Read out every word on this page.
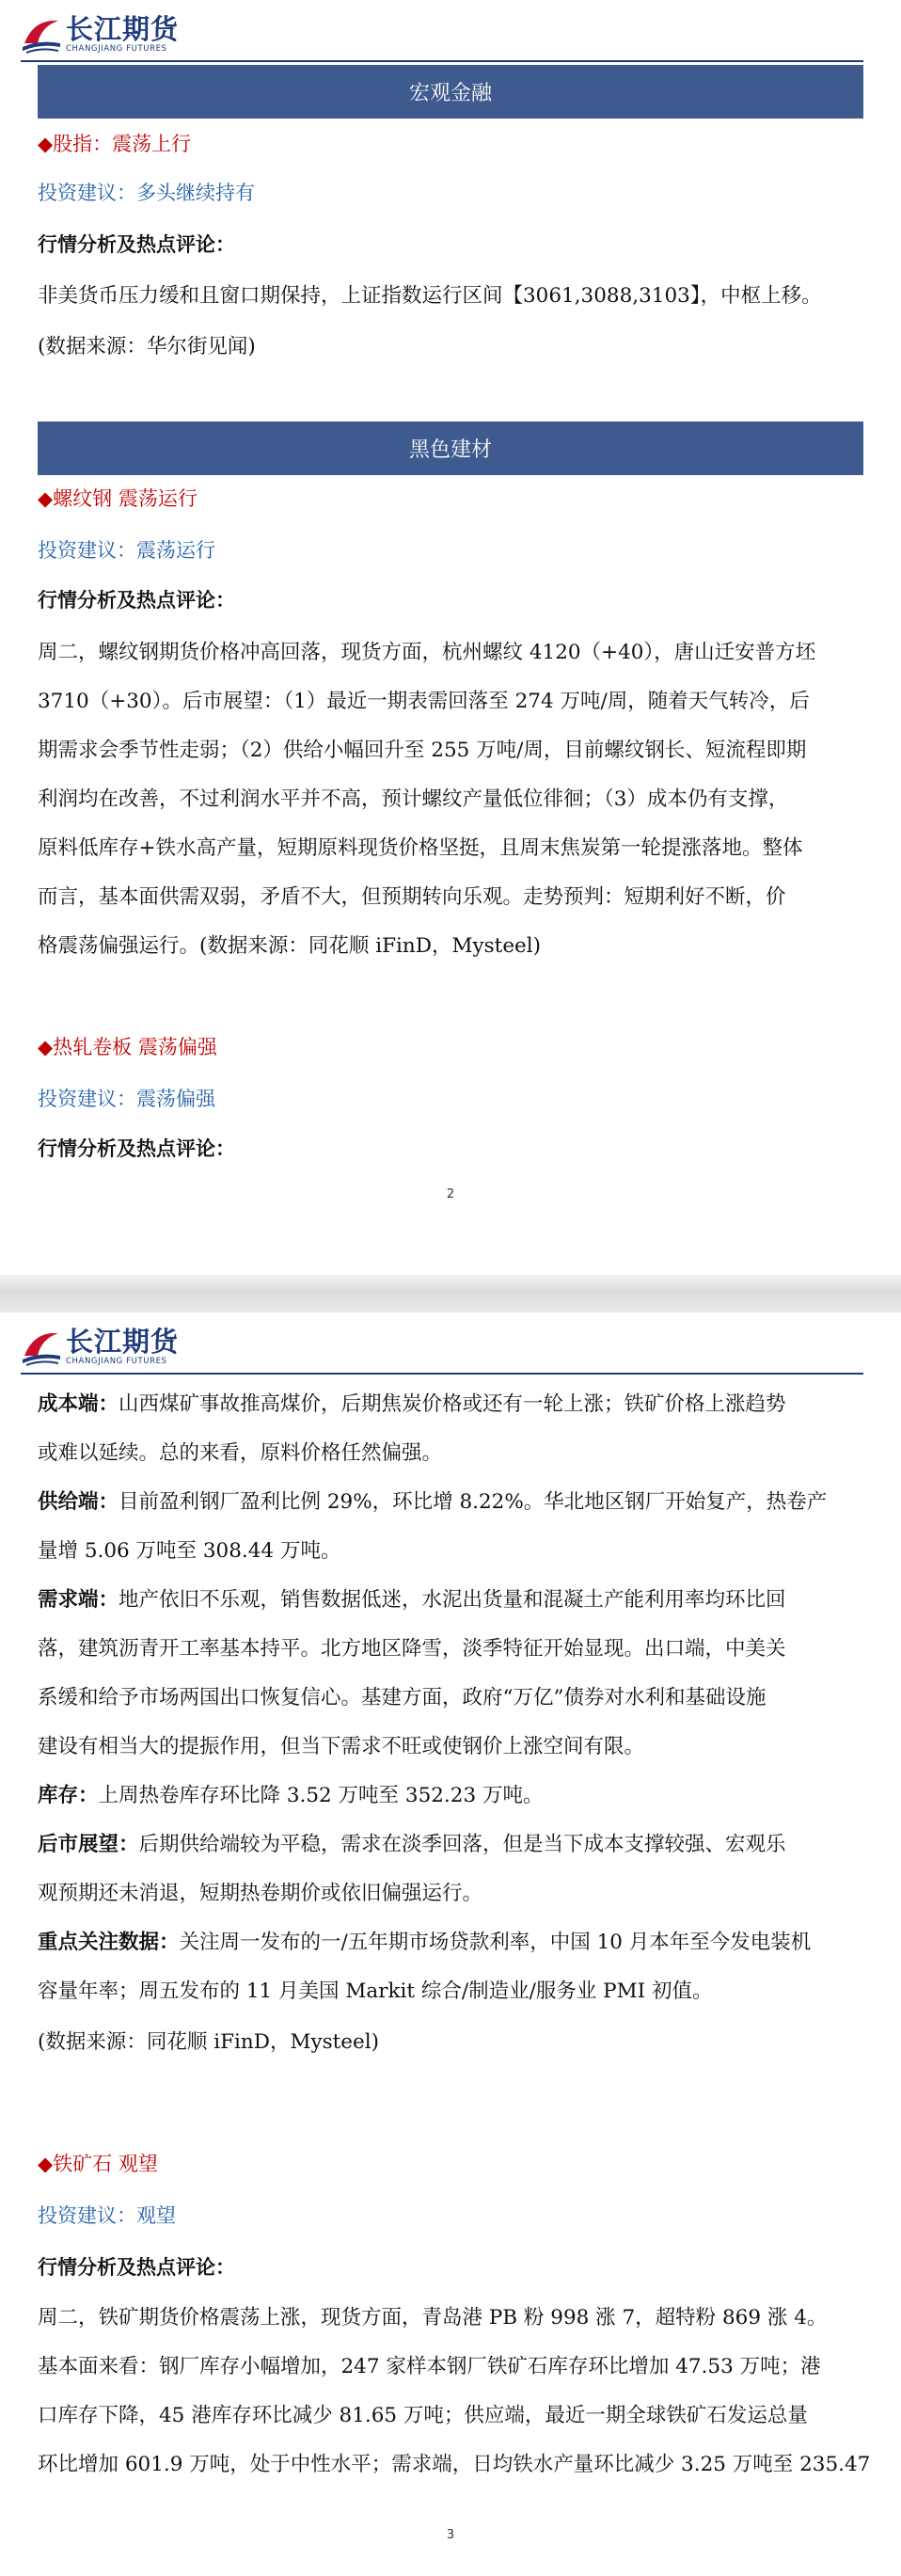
长江期货
CHANGJIANG FUTURES
宏观金融
◆股指：震荡上行
投资建议：多头继续持有
行情分析及热点评论：
非美货币压力缓和且窗口期保持，上证指数运行区间【3061,3088,3103】，中枢上移。
(数据来源：华尔街见闻)
黑色建材
◆螺纹钢 震荡运行
投资建议：震荡运行
行情分析及热点评论：
周二，螺纹钢期货价格冲高回落，现货方面，杭州螺纹 4120（+40），唐山迁安普方坯
3710（+30）。后市展望：（1）最近一期表需回落至 274 万吨/周，随着天气转冷，后
期需求会季节性走弱；（2）供给小幅回升至 255 万吨/周，目前螺纹钢长、短流程即期
利润均在改善，不过利润水平并不高，预计螺纹产量低位徘徊；（3）成本仍有支撑，
原料低库存+铁水高产量，短期原料现货价格坚挺，且周末焦炭第一轮提涨落地。整体
而言，基本面供需双弱，矛盾不大，但预期转向乐观。走势预判：短期利好不断，价
格震荡偏强运行。(数据来源：同花顺 iFinD，Mysteel)
◆热轧卷板 震荡偏强
投资建议：震荡偏强
行情分析及热点评论：
2
长江期货
CHANGJIANG FUTURES
成本端：山西煤矿事故推高煤价，后期焦炭价格或还有一轮上涨；铁矿价格上涨趋势
或难以延续。总的来看，原料价格任然偏强。
供给端：目前盈利钢厂盈利比例 29%，环比增 8.22%。华北地区钢厂开始复产，热卷产
量增 5.06 万吨至 308.44 万吨。
需求端：地产依旧不乐观，销售数据低迷，水泥出货量和混凝土产能利用率均环比回
落，建筑沥青开工率基本持平。北方地区降雪，淡季特征开始显现。出口端，中美关
系缓和给予市场两国出口恢复信心。基建方面，政府“万亿”债券对水利和基础设施
建设有相当大的提振作用，但当下需求不旺或使钢价上涨空间有限。
库存：上周热卷库存环比降 3.52 万吨至 352.23 万吨。
后市展望：后期供给端较为平稳，需求在淡季回落，但是当下成本支撑较强、宏观乐
观预期还未消退，短期热卷期价或依旧偏强运行。
重点关注数据：关注周一发布的一/五年期市场贷款利率，中国 10 月本年至今发电装机
容量年率；周五发布的 11 月美国 Markit 综合/制造业/服务业 PMI 初值。
(数据来源：同花顺 iFinD，Mysteel)
◆铁矿石 观望
投资建议：观望
行情分析及热点评论：
周二，铁矿期货价格震荡上涨，现货方面，青岛港 PB 粉 998 涨 7，超特粉 869 涨 4。
基本面来看：钢厂库存小幅增加，247 家样本钢厂铁矿石库存环比增加 47.53 万吨；港
口库存下降，45 港库存环比减少 81.65 万吨；供应端，最近一期全球铁矿石发运总量
环比增加 601.9 万吨，处于中性水平；需求端，日均铁水产量环比减少 3.25 万吨至 235.47
3
